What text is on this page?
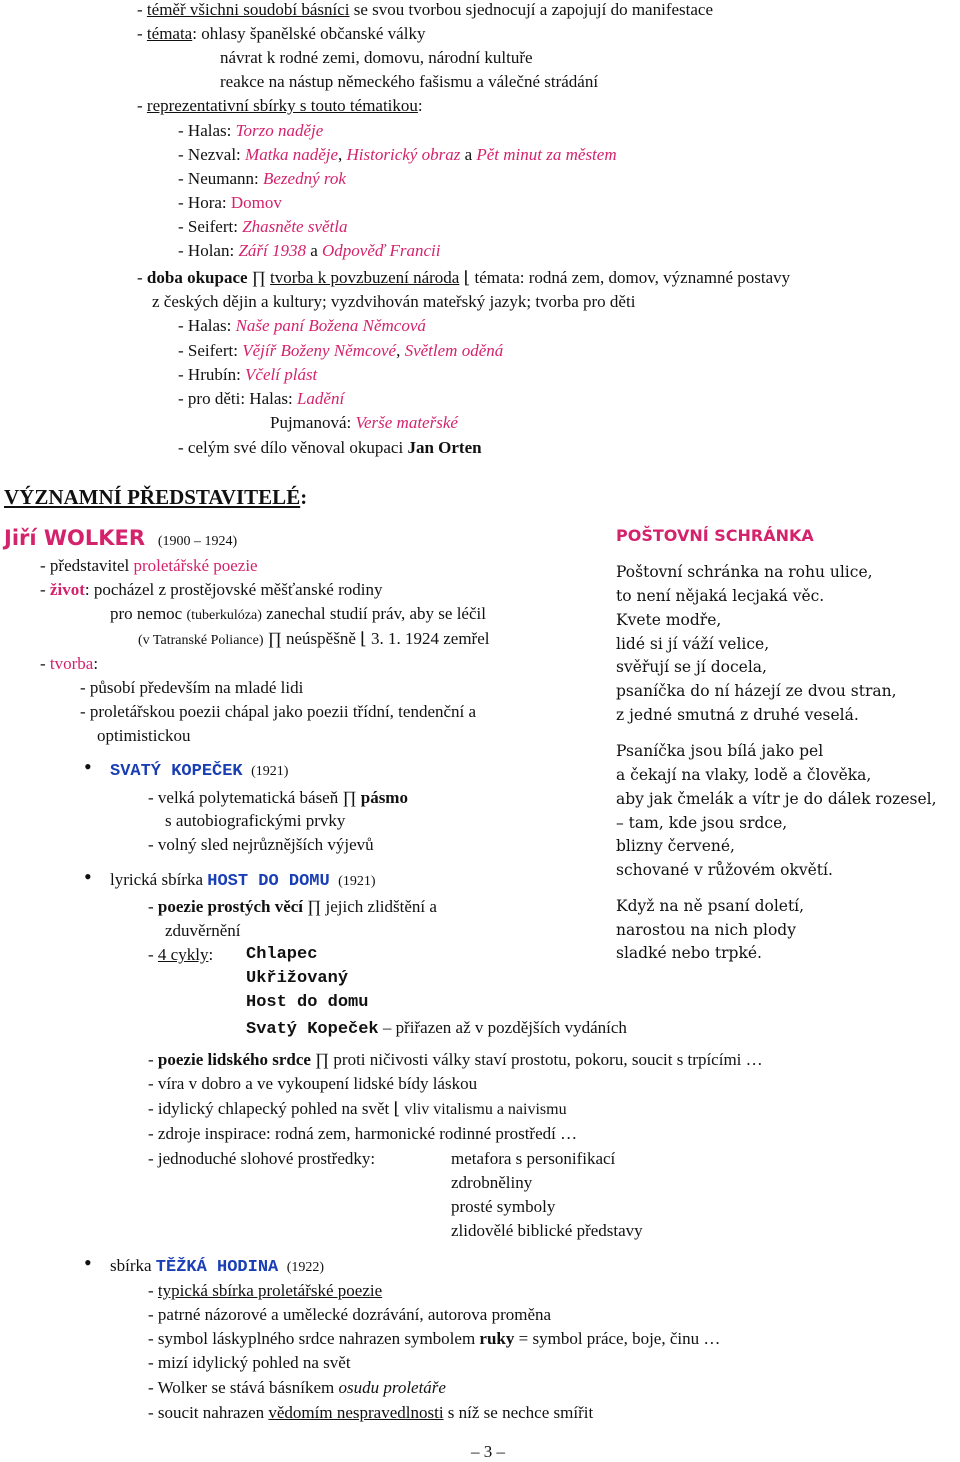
- téměř všichni soudobí básníci se svou tvorbou sjednocují a zapojují do manifestace
- témata: ohlasy španělské občanské války
návrat k rodné zemi, domovu, národní kultuře
reakce na nástup německého fašismu a válečné strádání
- reprezentativní sbírky s touto tématikou:
- Halas: Torzo naděje
- Nezval: Matka naděje, Historický obraz a Pět minut za městem
- Neumann: Bezedný rok
- Hora: Domov
- Seifert: Zhasněte světla
- Holan: Září 1938 a Odpověď Francii
- doba okupace ∏ tvorba k povzbuzení národa ⌊ témata: rodná zem, domov, významné postavy
z českých dějin a kultury; vyzdvihován mateřský jazyk; tvorba pro děti
- Halas: Naše paní Božena Němcová
- Seifert: Vějíř Boženy Němcové, Světlem oděná
- Hrubín: Včelí plást
- pro děti: Halas: Ladění
Pujmanová: Verše mateřské
- celým své dílo věnoval okupaci Jan Orten
VÝZNAMNÍ PŘEDSTAVITELÉ:
Jiří WOLKER (1900 – 1924)
- představitel proletářské poezie
- život: pocházel z prostějovské měšťanské rodiny
pro nemoc (tuberkulóza) zanechal studií práv, aby se léčil
(v Tatranské Poliance) ∏ neúspěšně ⌊ 3. 1. 1924 zemřel
- tvorba:
- působí především na mladé lidi
- proletářskou poezii chápal jako poezii třídní, tendenční a
optimistickou
• SVATÝ KOPEČEK (1921)
- velká polytematická báseň ∏ pásmo
s autobiografickými prvky
- volný sled nejrůznějších výjevů
• lyrická sbírka HOST DO DOMU (1921)
- poezie prostých věcí ∏ jejich zlidštění a
zduvěrnění
- 4 cykly: Chlapec
Ukřižovaný
Host do domu
Svatý Kopeček – přiřazen až v pozdějších vydáních
- poezie lidského srdce ∏ proti ničivosti války staví prostotu, pokoru, soucit s trpícími …
- víra v dobro a ve vykoupení lidské bídy láskou
- idylický chlapecký pohled na svět ⌊ vliv vitalismu a naivismu
- zdroje inspirace: rodná zem, harmonické rodinné prostředí …
- jednoduché slohové prostředky:	metafora s personifikací
zdrobněliny
prosté symboly
zlidovělé biblické představy
• sbírka TĚŽKÁ HODINA (1922)
- typická sbírka proletářské poezie
- patrné názorové a umělecké dozrávání, autorova proměna
- symbol láskyplného srdce nahrazen symbolem ruky = symbol práce, boje, činu …
- mizí idylický pohled na svět
- Wolker se stává básníkem osudu proletáře
- soucit nahrazen vědomím nespravedlnosti s níž se nechce smířit
POŠTOVNÍ SCHRÁNKA
Poštovní schránka na rohu ulice,
to není nějaká lecjaká věc.
Kvete modře,
lidé si jí váží velice,
svěřují se jí docela,
psaníčka do ní házejí ze dvou stran,
z jedné smutná z druhé veselá.
Psaníčka jsou bílá jako pel
a čekají na vlaky, lodě a člověka,
aby jak čmelák a vítr je do dálek rozesel,
– tam, kde jsou srdce,
blizny červené,
schované v růžovém okvětí.
Když na ně psaní doletí,
narostou na nich plody
sladké nebo trpké.
– 3 –
